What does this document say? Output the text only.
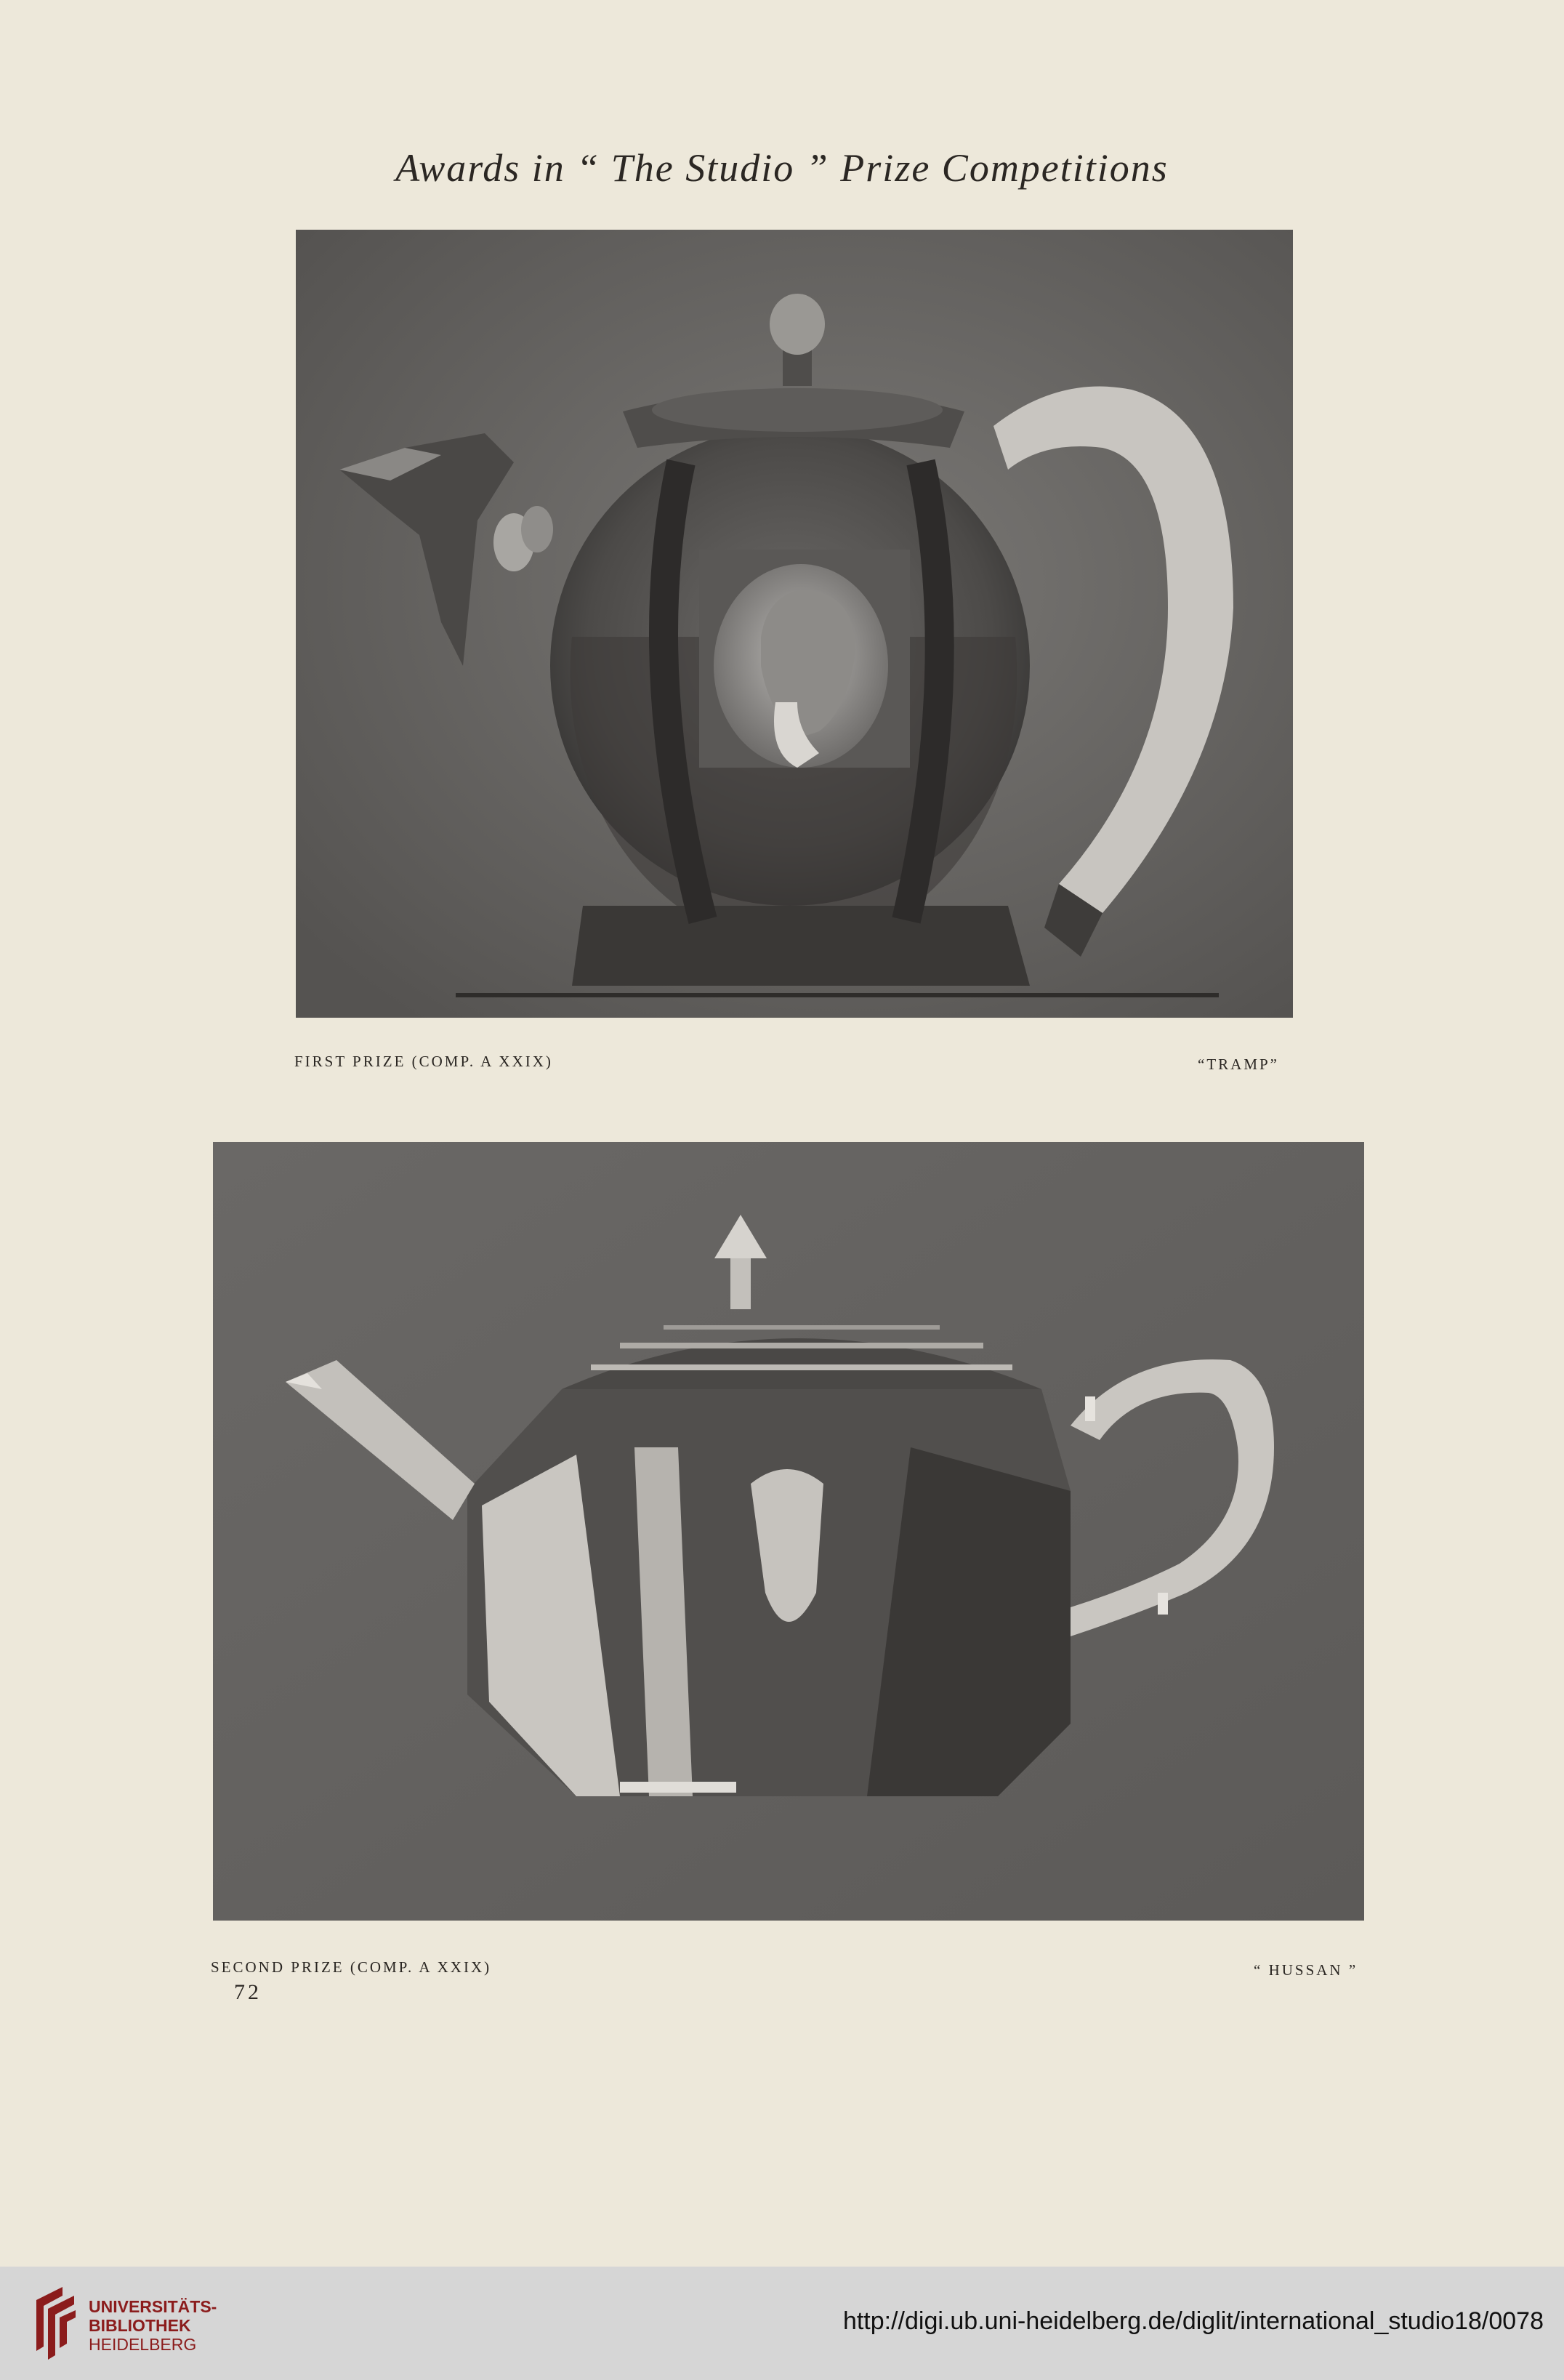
Awards in “ The Studio ” Prize Competitions
FIRST PRIZE (COMP. A XXIX)	“TRAMP”
SECOND PRIZE (COMP. A XXIX)	“ HUSSAN ”
72
UNIVERSITÄTS-
BIBLIOTHEK
HEIDELBERG
http://digi.ub.uni-heidelberg.de/diglit/international_studio18/0078
